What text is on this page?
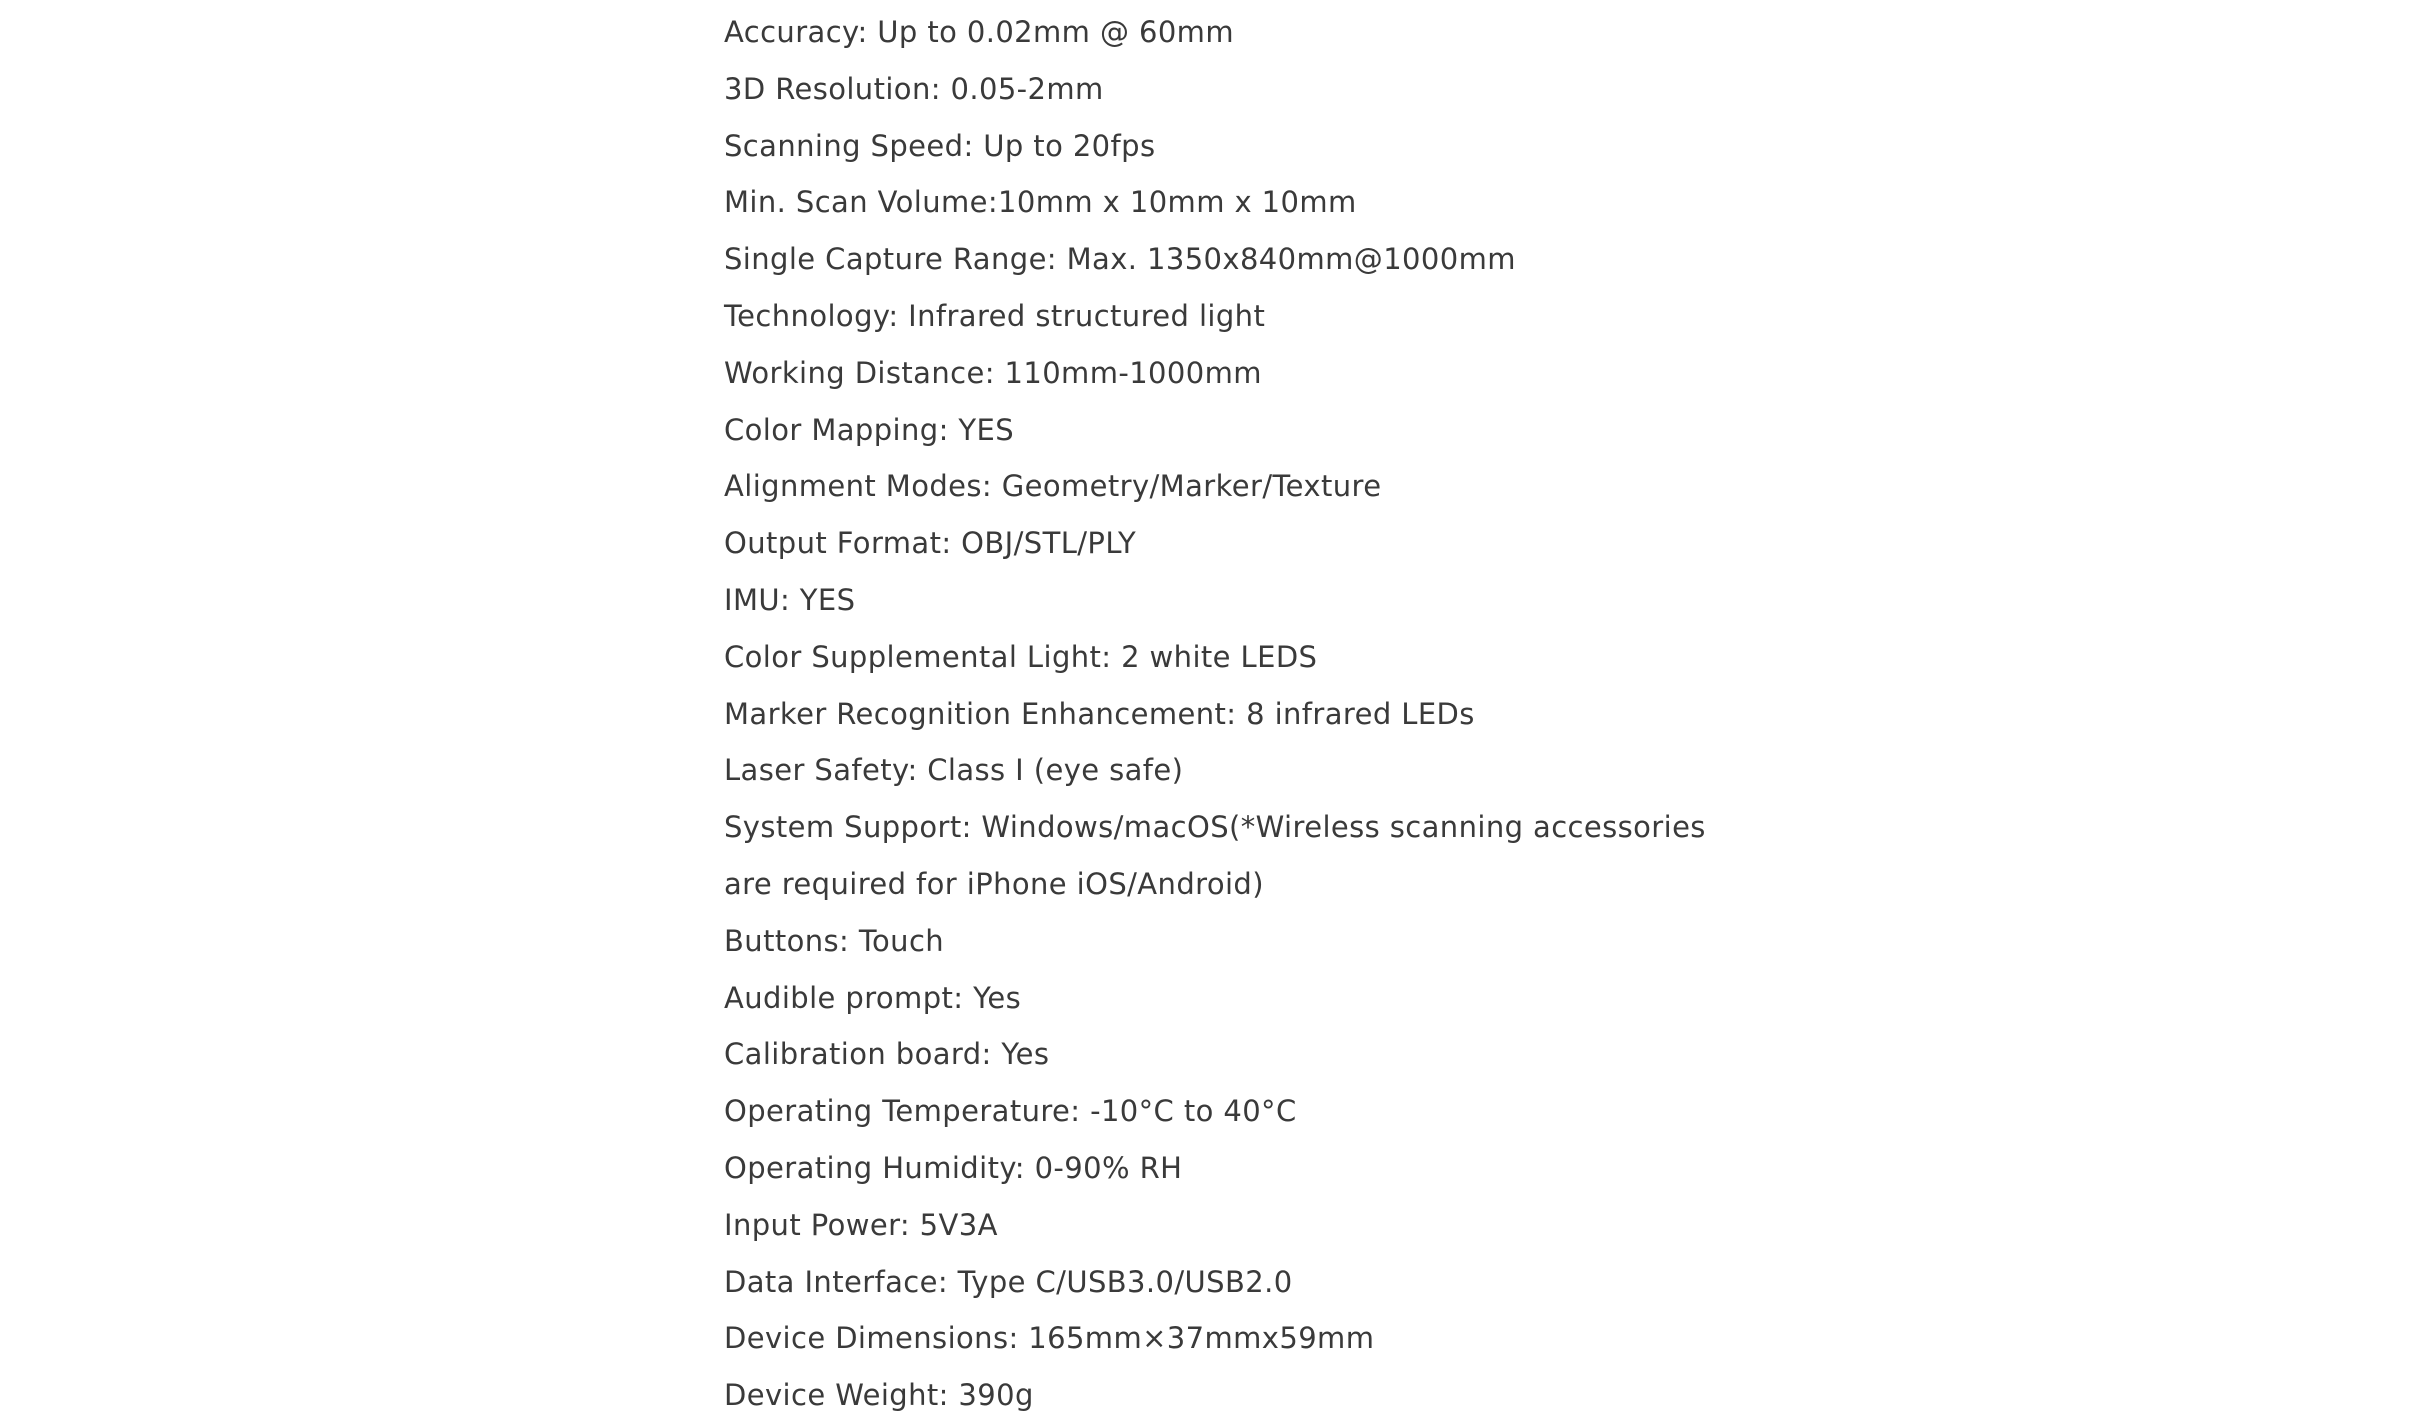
Accuracy: Up to 0.02mm @ 60mm
3D Resolution: 0.05-2mm
Scanning Speed: Up to 20fps
Min. Scan Volume:10mm x 10mm x 10mm
Single Capture Range: Max. 1350x840mm@1000mm
Technology: Infrared structured light
Working Distance: 110mm-1000mm
Color Mapping: YES
Alignment Modes: Geometry/Marker/Texture
Output Format: OBJ/STL/PLY
IMU: YES
Color Supplemental Light: 2 white LEDS
Marker Recognition Enhancement: 8 infrared LEDs
Laser Safety: Class I (eye safe)
System Support: Windows/macOS(*Wireless scanning accessories
are required for iPhone iOS/Android)
Buttons: Touch
Audible prompt: Yes
Calibration board: Yes
Operating Temperature: -10°C to 40°C
Operating Humidity: 0-90% RH
Input Power: 5V3A
Data Interface: Type C/USB3.0/USB2.0
Device Dimensions: 165mm×37mmx59mm
Device Weight: 390g
